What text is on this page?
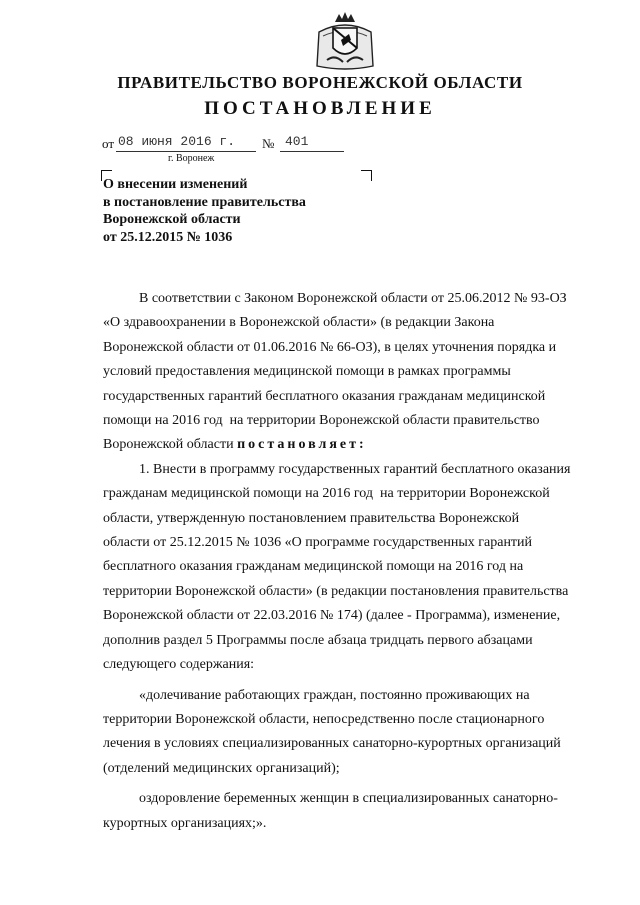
ПРАВИТЕЛЬСТВО ВОРОНЕЖСКОЙ ОБЛАСТИ
ПОСТАНОВЛЕНИЕ
от 08 июня 2016 г. № 401
г. Воронеж
О внесении изменений
в постановление правительства
Воронежской области
от 25.12.2015 № 1036
В соответствии с Законом Воронежской области от 25.06.2012 № 93-ОЗ
«О здравоохранении в Воронежской области» (в редакции Закона
Воронежской области от 01.06.2016 № 66-ОЗ), в целях уточнения порядка и
условий предоставления медицинской помощи в рамках программы
государственных гарантий бесплатного оказания гражданам медицинской
помощи на 2016 год  на территории Воронежской области правительство
Воронежской области постановляет:
1. Внести в программу государственных гарантий бесплатного оказания
гражданам медицинской помощи на 2016 год  на территории Воронежской
области, утвержденную постановлением правительства Воронежской
области от 25.12.2015 № 1036 «О программе государственных гарантий
бесплатного оказания гражданам медицинской помощи на 2016 год на
территории Воронежской области» (в редакции постановления правительства
Воронежской области от 22.03.2016 № 174) (далее - Программа), изменение,
дополнив раздел 5 Программы после абзаца тридцать первого абзацами
следующего содержания:
«долечивание работающих граждан, постоянно проживающих на
территории Воронежской области, непосредственно после стационарного
лечения в условиях специализированных санаторно-курортных организаций
(отделений медицинских организаций);
оздоровление беременных женщин в специализированных санаторно-
курортных организациях;».
